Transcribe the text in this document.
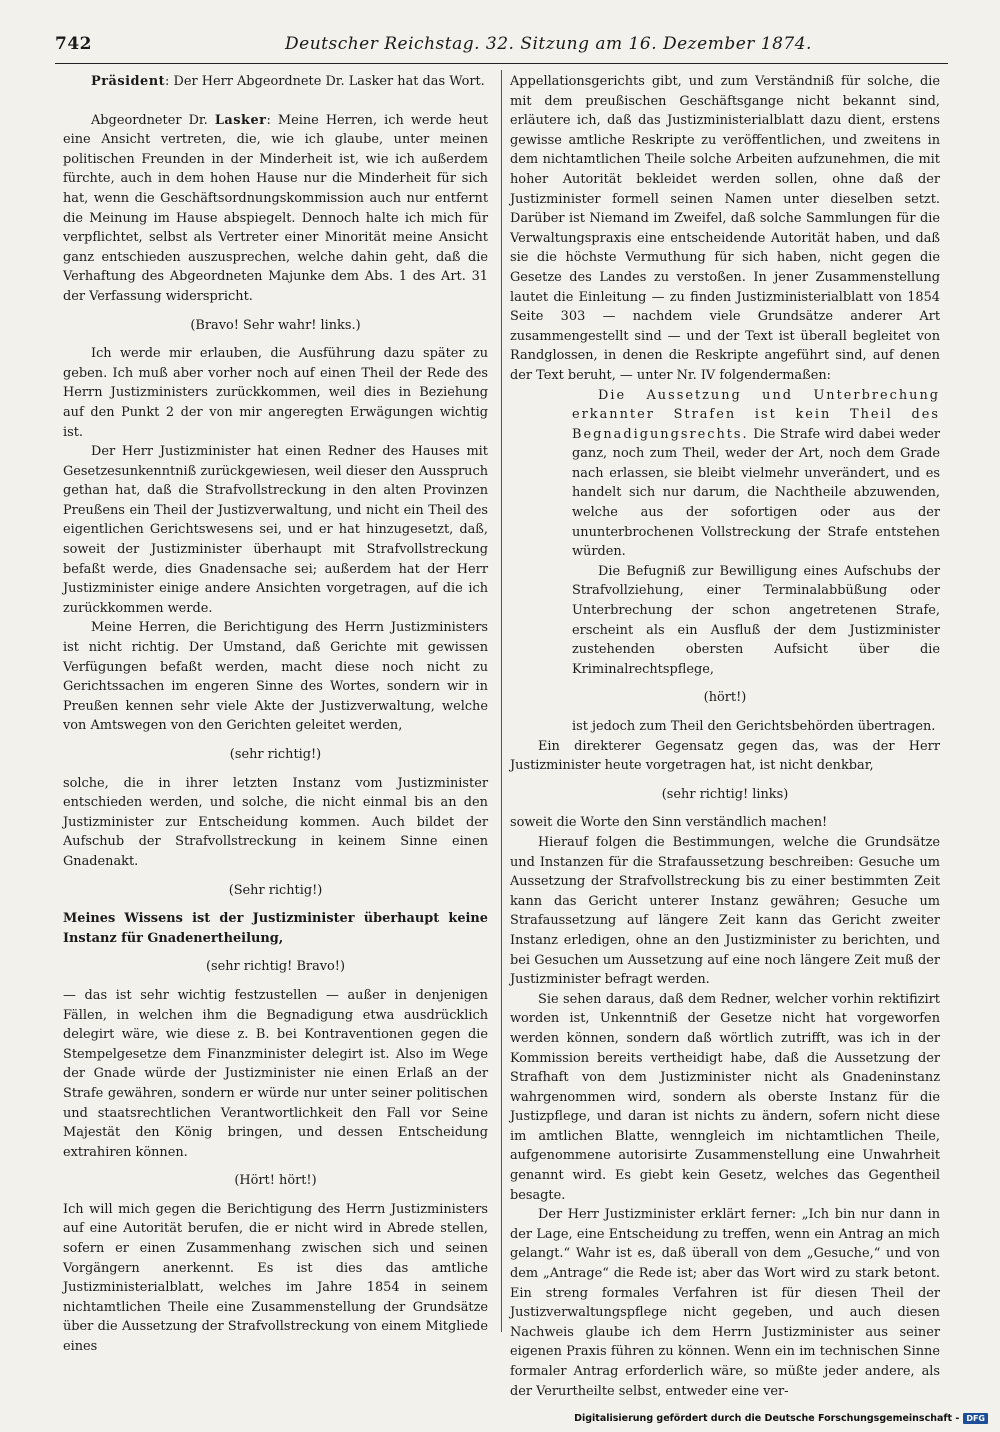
742	Deutscher Reichstag. 32. Sitzung am 16. Dezember 1874.

Präsident: Der Herr Abgeordnete Dr. Lasker hat das Wort.

Abgeordneter Dr. Lasker: Meine Herren, ich werde heut eine Ansicht vertreten, die, wie ich glaube, unter meinen politischen Freunden in der Minderheit ist, wie ich außerdem fürchte, auch in dem hohen Hause nur die Minderheit für sich hat, wenn die Geschäftsordnungskommission auch nur entfernt die Meinung im Hause abspiegelt. Dennoch halte ich mich für verpflichtet, selbst als Vertreter einer Minorität meine Ansicht ganz entschieden auszusprechen, welche dahin geht, daß die Verhaftung des Abgeordneten Majunke dem Abs. 1 des Art. 31 der Verfassung widerspricht.

(Bravo! Sehr wahr! links.)

Ich werde mir erlauben, die Ausführung dazu später zu geben. Ich muß aber vorher noch auf einen Theil der Rede des Herrn Justizministers zurückkommen, weil dies in Beziehung auf den Punkt 2 der von mir angeregten Erwägungen wichtig ist.

Der Herr Justizminister hat einen Redner des Hauses mit Gesetzesunkenntniß zurückgewiesen, weil dieser den Ausspruch gethan hat, daß die Strafvollstreckung in den alten Provinzen Preußens ein Theil der Justizverwaltung, und nicht ein Theil des eigentlichen Gerichtswesens sei, und er hat hinzugesetzt, daß, soweit der Justizminister überhaupt mit Strafvollstreckung befaßt werde, dies Gnadensache sei; außerdem hat der Herr Justizminister einige andere Ansichten vorgetragen, auf die ich zurückkommen werde.

Meine Herren, die Berichtigung des Herrn Justizministers ist nicht richtig. Der Umstand, daß Gerichte mit gewissen Verfügungen befaßt werden, macht diese noch nicht zu Gerichtssachen im engeren Sinne des Wortes, sondern wir in Preußen kennen sehr viele Akte der Justizverwaltung, welche von Amtswegen von den Gerichten geleitet werden,

(sehr richtig!)

solche, die in ihrer letzten Instanz vom Justizminister entschieden werden, und solche, die nicht einmal bis an den Justizminister zur Entscheidung kommen. Auch bildet der Aufschub der Strafvollstreckung in keinem Sinne einen Gnadenakt.

(Sehr richtig!)

Meines Wissens ist der Justizminister überhaupt keine Instanz für Gnadenertheilung,

(sehr richtig! Bravo!)

— das ist sehr wichtig festzustellen — außer in denjenigen Fällen, in welchen ihm die Begnadigung etwa ausdrücklich delegirt wäre, wie diese z. B. bei Kontraventionen gegen die Stempelgesetze dem Finanzminister delegirt ist. Also im Wege der Gnade würde der Justizminister nie einen Erlaß an der Strafe gewähren, sondern er würde nur unter seiner politischen und staatsrechtlichen Verantwortlichkeit den Fall vor Seine Majestät den König bringen, und dessen Entscheidung extrahiren können.

(Hört! hört!)

Ich will mich gegen die Berichtigung des Herrn Justizministers auf eine Autorität berufen, die er nicht wird in Abrede stellen, sofern er einen Zusammenhang zwischen sich und seinen Vorgängern anerkennt. Es ist dies das amtliche Justizministerialblatt, welches im Jahre 1854 in seinem nichtamtlichen Theile eine Zusammenstellung der Grundsätze über die Aussetzung der Strafvollstreckung von einem Mitgliede eines

Appellationsgerichts gibt, und zum Verständniß für solche, die mit dem preußischen Geschäftsgange nicht bekannt sind, erläutere ich, daß das Justizministerialblatt dazu dient, erstens gewisse amtliche Reskripte zu veröffentlichen, und zweitens in dem nichtamtlichen Theile solche Arbeiten aufzunehmen, die mit hoher Autorität bekleidet werden sollen, ohne daß der Justizminister formell seinen Namen unter dieselben setzt. Darüber ist Niemand im Zweifel, daß solche Sammlungen für die Verwaltungspraxis eine entscheidende Autorität haben, und daß sie die höchste Vermuthung für sich haben, nicht gegen die Gesetze des Landes zu verstoßen. In jener Zusammenstellung lautet die Einleitung — zu finden Justizministerialblatt von 1854 Seite 303 — nachdem viele Grundsätze anderer Art zusammengestellt sind — und der Text ist überall begleitet von Randglossen, in denen die Reskripte angeführt sind, auf denen der Text beruht, — unter Nr. IV folgendermaßen:

Die Aussetzung und Unterbrechung erkannter Strafen ist kein Theil des Begnadigungsrechts. Die Strafe wird dabei weder ganz, noch zum Theil, weder der Art, noch dem Grade nach erlassen, sie bleibt vielmehr unverändert, und es handelt sich nur darum, die Nachtheile abzuwenden, welche aus der sofortigen oder aus der ununterbrochenen Vollstreckung der Strafe entstehen würden.

Die Befugniß zur Bewilligung eines Aufschubs der Strafvollziehung, einer Terminalabbüßung oder Unterbrechung der schon angetretenen Strafe, erscheint als ein Ausfluß der dem Justizminister zustehenden obersten Aufsicht über die Kriminalrechtspflege,

(hört!)

ist jedoch zum Theil den Gerichtsbehörden übertragen.

Ein direkterer Gegensatz gegen das, was der Herr Justizminister heute vorgetragen hat, ist nicht denkbar,

(sehr richtig! links)

soweit die Worte den Sinn verständlich machen!

Hierauf folgen die Bestimmungen, welche die Grundsätze und Instanzen für die Strafaussetzung beschreiben: Gesuche um Aussetzung der Strafvollstreckung bis zu einer bestimmten Zeit kann das Gericht unterer Instanz gewähren; Gesuche um Strafaussetzung auf längere Zeit kann das Gericht zweiter Instanz erledigen, ohne an den Justizminister zu berichten, und bei Gesuchen um Aussetzung auf eine noch längere Zeit muß der Justizminister befragt werden.

Sie sehen daraus, daß dem Redner, welcher vorhin rektifizirt worden ist, Unkenntniß der Gesetze nicht hat vorgeworfen werden können, sondern daß wörtlich zutrifft, was ich in der Kommission bereits vertheidigt habe, daß die Aussetzung der Strafhaft von dem Justizminister nicht als Gnadeninstanz wahrgenommen wird, sondern als oberste Instanz für die Justizpflege, und daran ist nichts zu ändern, sofern nicht diese im amtlichen Blatte, wenngleich im nichtamtlichen Theile, aufgenommene autorisirte Zusammenstellung eine Unwahrheit genannt wird. Es giebt kein Gesetz, welches das Gegentheil besagte.

Der Herr Justizminister erklärt ferner: „Ich bin nur dann in der Lage, eine Entscheidung zu treffen, wenn ein Antrag an mich gelangt.“ Wahr ist es, daß überall von dem „Gesuche,“ und von dem „Antrage“ die Rede ist; aber das Wort wird zu stark betont. Ein streng formales Verfahren ist für diesen Theil der Justizverwaltungspflege nicht gegeben, und auch diesen Nachweis glaube ich dem Herrn Justizminister aus seiner eigenen Praxis führen zu können. Wenn ein im technischen Sinne formaler Antrag erforderlich wäre, so müßte jeder andere, als der Verurtheilte selbst, entweder eine ver-

Digitalisierung gefördert durch die Deutsche Forschungsgemeinschaft - DFG
